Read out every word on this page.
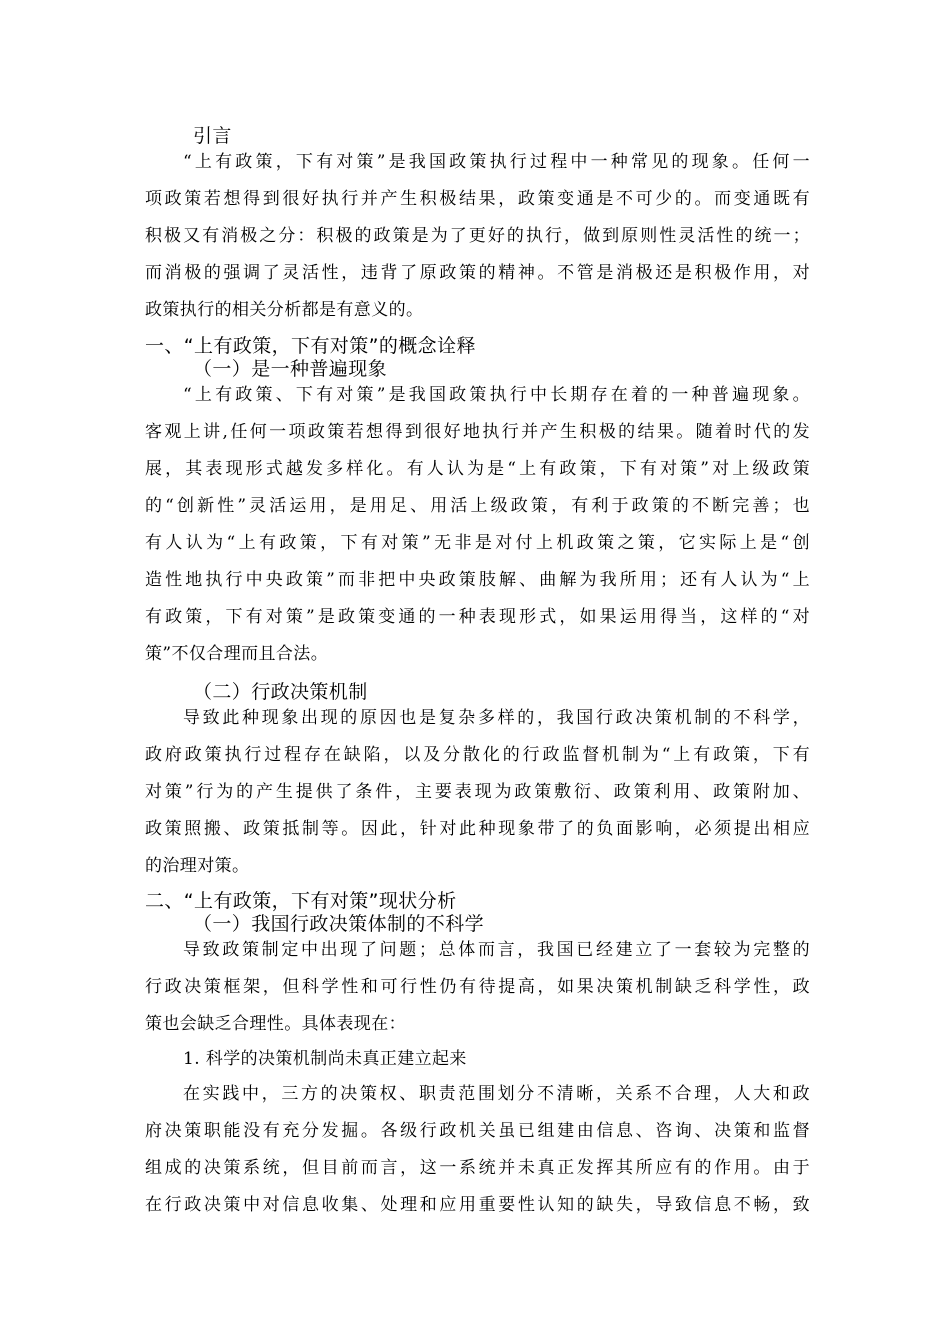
引言
“上有政策，下有对策”是我国政策执行过程中一种常见的现象。任何一
项政策若想得到很好执行并产生积极结果，政策变通是不可少的。而变通既有
积极又有消极之分：积极的政策是为了更好的执行，做到原则性灵活性的统一；
而消极的强调了灵活性，违背了原政策的精神。不管是消极还是积极作用，对
政策执行的相关分析都是有意义的。
一、“上有政策，下有对策”的概念诠释
（一）是一种普遍现象
“上有政策、下有对策”是我国政策执行中长期存在着的一种普遍现象。
客观上讲,任何一项政策若想得到很好地执行并产生积极的结果。随着时代的发
展，其表现形式越发多样化。有人认为是“上有政策，下有对策”对上级政策
的“创新性”灵活运用，是用足、用活上级政策，有利于政策的不断完善；也
有人认为“上有政策，下有对策”无非是对付上机政策之策，它实际上是“创
造性地执行中央政策”而非把中央政策肢解、曲解为我所用；还有人认为“上
有政策，下有对策”是政策变通的一种表现形式，如果运用得当，这样的“对
策”不仅合理而且合法。
（二）行政决策机制
导致此种现象出现的原因也是复杂多样的，我国行政决策机制的不科学，
政府政策执行过程存在缺陷，以及分散化的行政监督机制为“上有政策，下有
对策”行为的产生提供了条件，主要表现为政策敷衍、政策利用、政策附加、
政策照搬、政策抵制等。因此，针对此种现象带了的负面影响，必须提出相应
的治理对策。
二、“上有政策，下有对策”现状分析
（一）我国行政决策体制的不科学
导致政策制定中出现了问题；总体而言，我国已经建立了一套较为完整的
行政决策框架，但科学性和可行性仍有待提高，如果决策机制缺乏科学性，政
策也会缺乏合理性。具体表现在：
1. 科学的决策机制尚未真正建立起来
在实践中，三方的决策权、职责范围划分不清晰，关系不合理，人大和政
府决策职能没有充分发掘。各级行政机关虽已组建由信息、咨询、决策和监督
组成的决策系统，但目前而言，这一系统并未真正发挥其所应有的作用。由于
在行政决策中对信息收集、处理和应用重要性认知的缺失，导致信息不畅，致
